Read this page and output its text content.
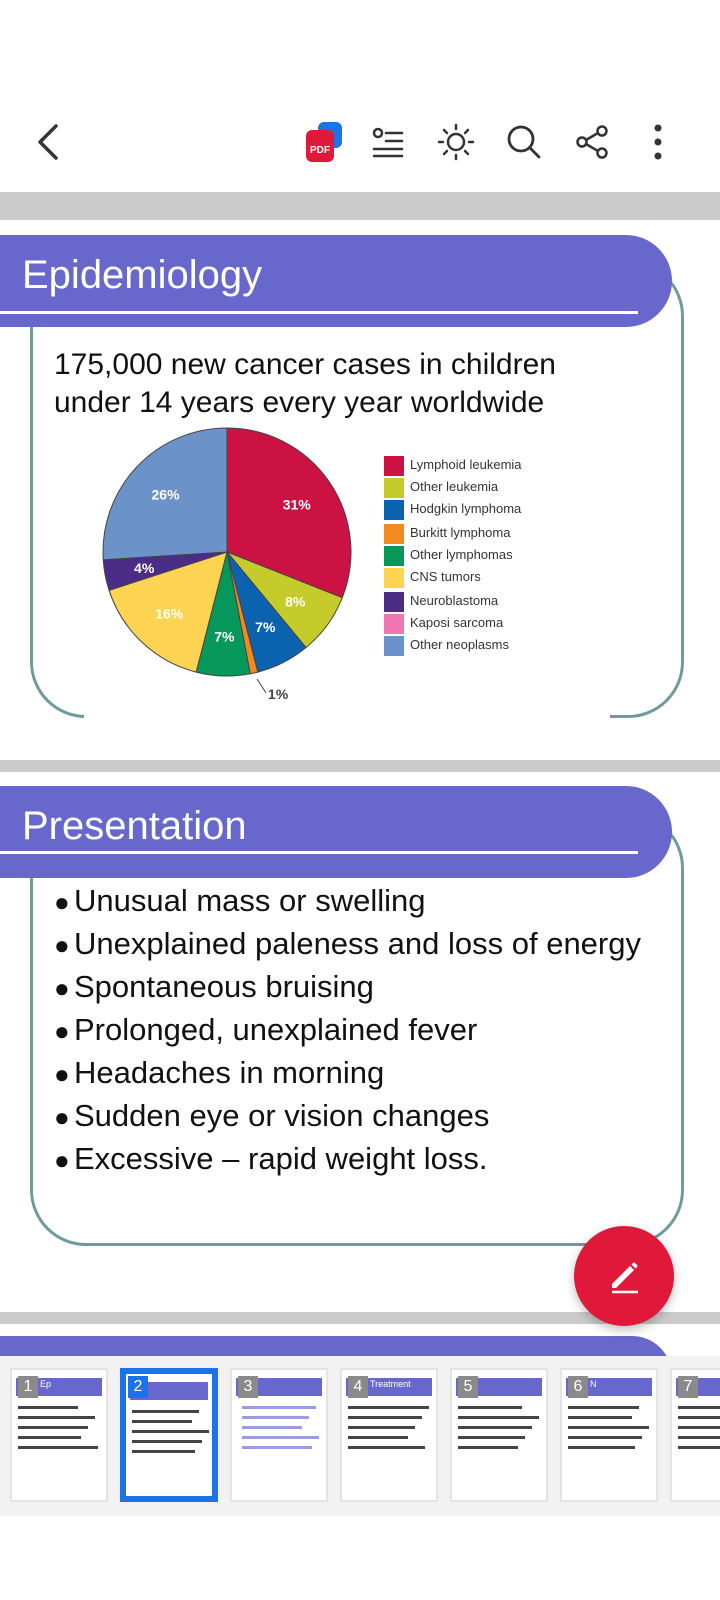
PDF
Epidemiology
175,000 new cancer cases in children
under 14 years every year worldwide
31%
8%
7%
1%
7%
16%
4%
26%
Lymphoid leukemia
Other leukemia
Hodgkin lymphoma
Burkitt lymphoma
Other lymphomas
CNS tumors
Neuroblastoma
Kaposi sarcoma
Other neoplasms
Presentation
● Unusual mass or swelling
● Unexplained paleness and loss of energy
● Spontaneous bruising
● Prolonged, unexplained fever
● Headaches in morning
● Sudden eye or vision changes
● Excessive – rapid weight loss.
1 Ep	2	3	4 Treatment	5	6 N	7
